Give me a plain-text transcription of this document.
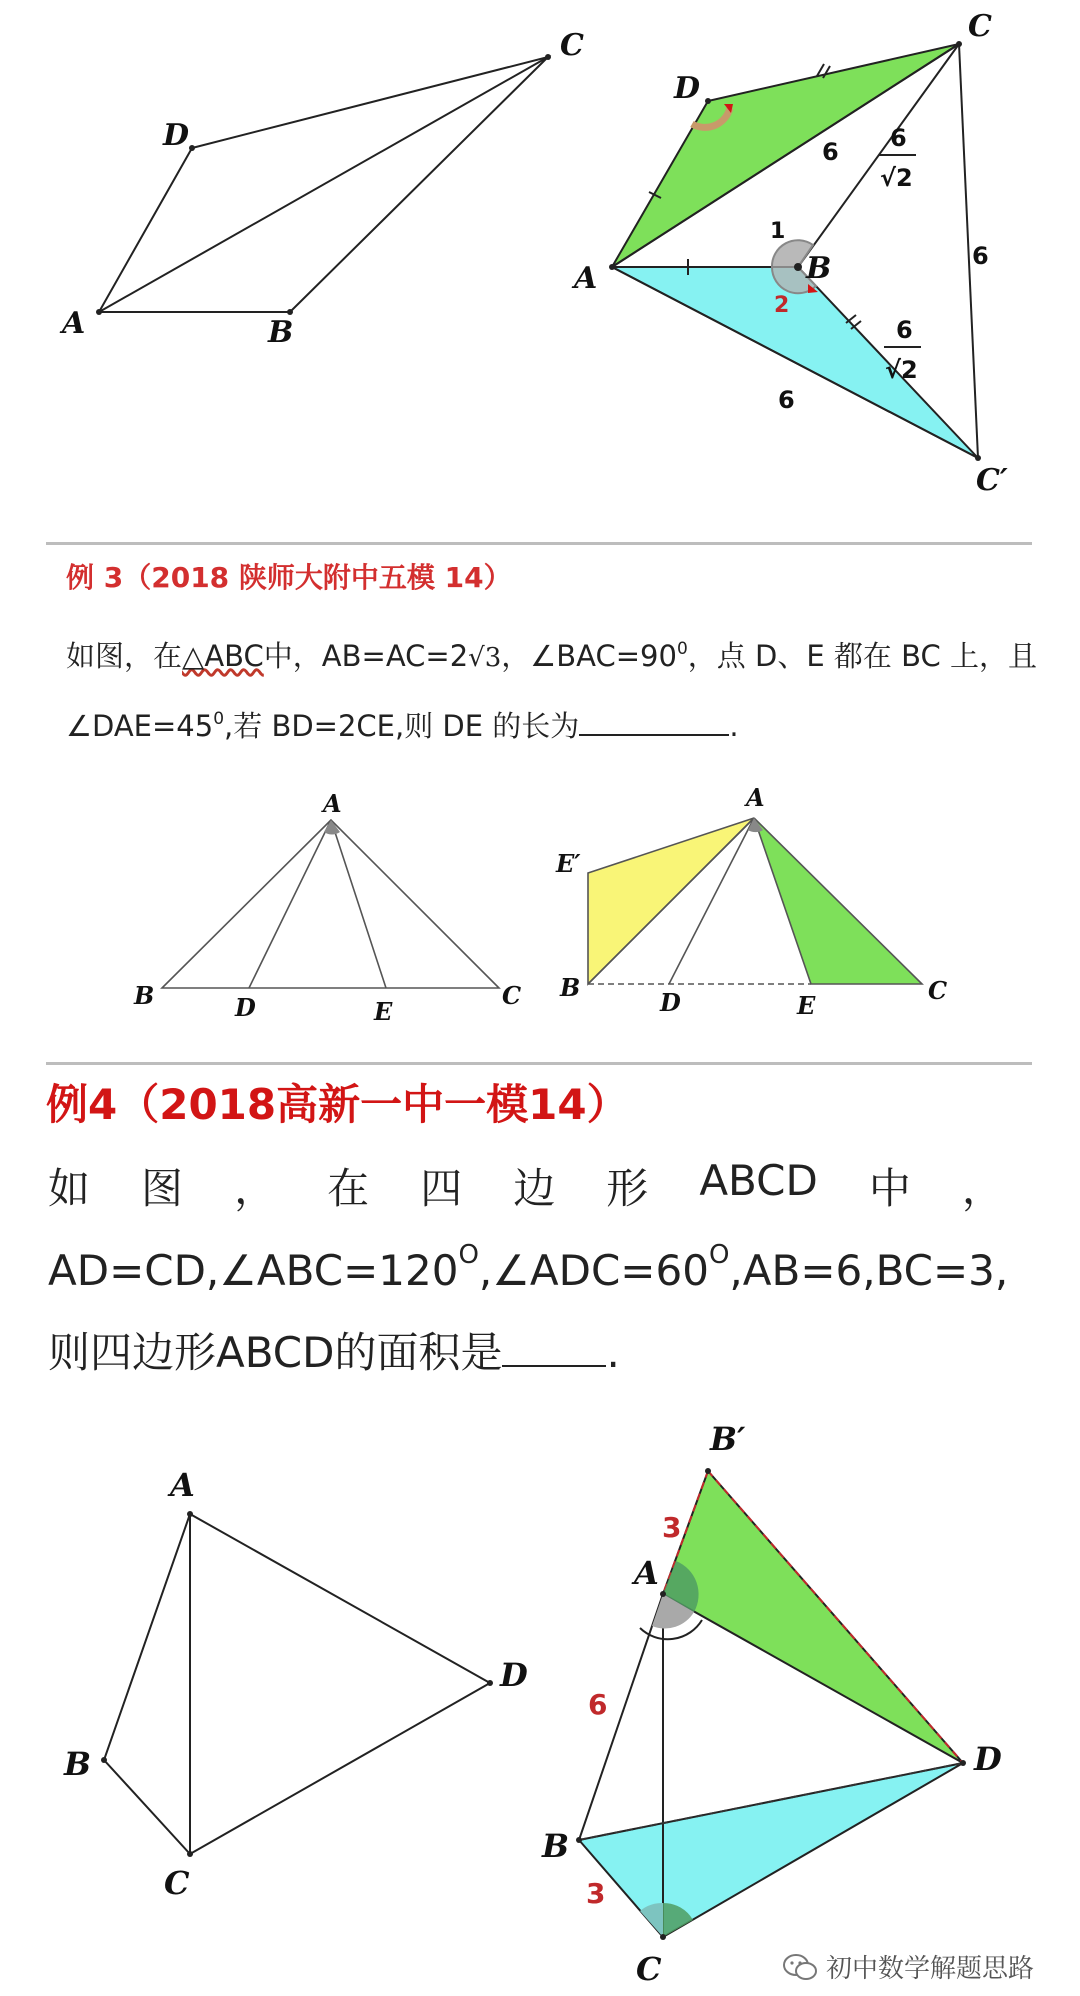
A	B
C
D
A	B
C
D
C′
1
2
6
6
6
6
√2
6
√2
例 3（2018 陕师大附中五模 14）
如图，在△ABC中，AB=AC=2√3，$\angle BAC=90^0$，点 D、E 都在 BC 上，且
$\angle DAE=45^0$,若 BD=2CE,则 DE 的长为	.
A
B	C
D	E
A
B	C
D	E
E′
例4（2018高新一中一模14）
如 图 ， 在 四 边 形 ABCD 中 ，
$AD=CD,\angle ABC=120^O,\angle ADC=60^O,AB=6,BC=3$,
则四边形ABCD的面积是 .
A
B
C
D
A
B
C
D
B′
6
3
3
初中数学解题思路
